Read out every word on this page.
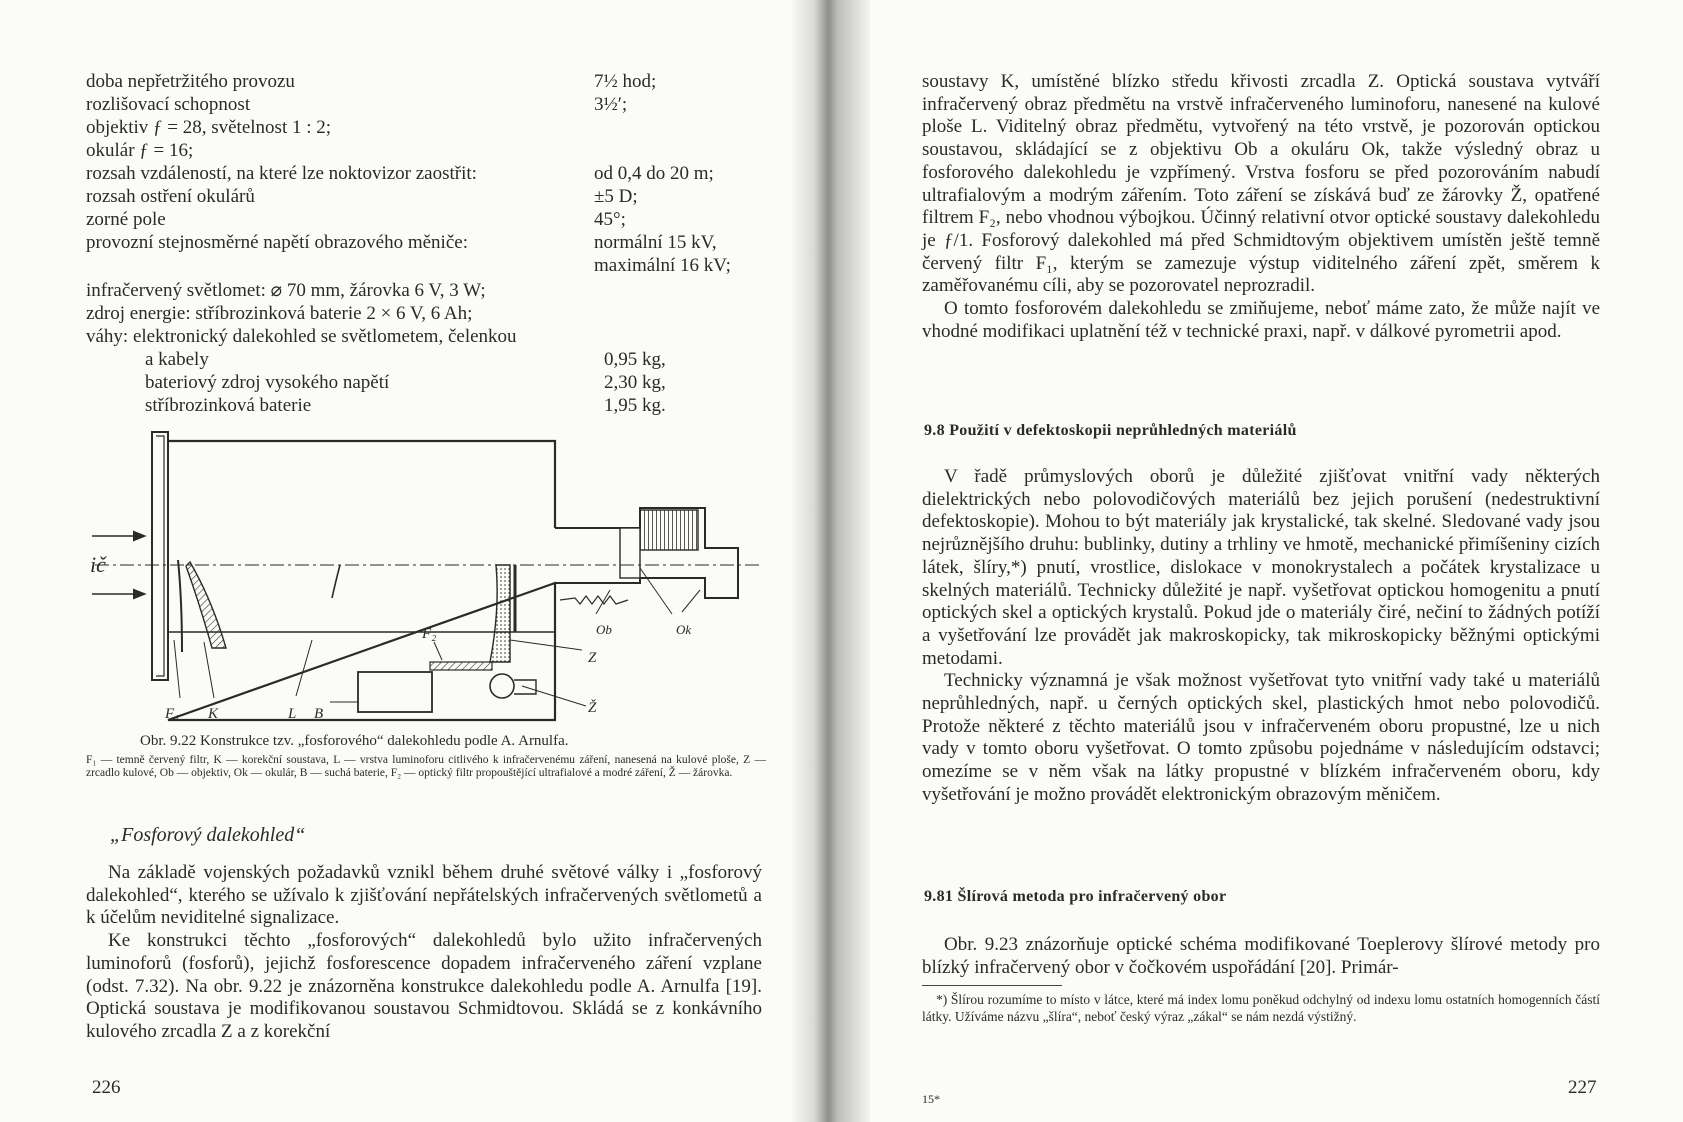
doba nepřetržitého provozu	7½ hod;
rozlišovací schopnost	3½′;
objektiv ƒ = 28, světelnost 1 : 2;
okulár ƒ = 16;
rozsah vzdáleností, na které lze noktovizor zaostřit:	od 0,4 do 20 m;
rozsah ostření okulárů	±5 D;
zorné pole	45°;
provozní stejnosměrné napětí obrazového měniče:	normální 15 kV,
maximální 16 kV;
infračervený světlomet: ⌀ 70 mm, žárovka 6 V, 3 W;
zdroj energie: stříbrozinková baterie 2 × 6 V, 6 Ah;
váhy: elektronický dalekohled se světlometem, čelenkou
a kabely	0,95 kg,
bateriový zdroj vysokého napětí	2,30 kg,
stříbrozinková baterie	1,95 kg.
ič
F₁ K	L B
F₂	Ob	Ok
Z
Ž
Obr. 9.22 Konstrukce tzv. „fosforového“ dalekohledu podle A. Arnulfa.
F₁ — temně červený filtr, K — korekční soustava, L — vrstva luminoforu citlivého k infračervenému záření, nanesená na kulové ploše, Z — zrcadlo kulové, Ob — objektiv, Ok — okulár, B — suchá baterie, F₂ — optický filtr propouštějící ultrafialové a modré záření, Ž — žárovka.
„Fosforový dalekohled“

Na základě vojenských požadavků vznikl během druhé světové války i „fosforový dalekohled“, kterého se užívalo k zjišťování nepřátelských infračervených světlometů a k účelům neviditelné signalizace.

Ke konstrukci těchto „fosforových“ dalekohledů bylo užito infračervených luminoforů (fosforů), jejichž fosforescence dopadem infračerveného záření vzplane (odst. 7.32). Na obr. 9.22 je znázorněna konstrukce dalekohledu podle A. Arnulfa [19]. Optická soustava je modifikovanou soustavou Schmidtovou. Skládá se z konkávního kulového zrcadla Z a z korekční

226

soustavy K, umístěné blízko středu křivosti zrcadla Z. Optická soustava vytváří infračervený obraz předmětu na vrstvě infračerveného luminoforu, nanesené na kulové ploše L. Viditelný obraz předmětu, vytvořený na této vrstvě, je pozorován optickou soustavou, skládající se z objektivu Ob a okuláru Ok, takže výsledný obraz u fosforového dalekohledu je vzpřímený. Vrstva fosforu se před pozorováním nabudí ultrafialovým a modrým zářením. Toto záření se získává buď ze žárovky Ž, opatřené filtrem F₂, nebo vhodnou výbojkou. Účinný relativní otvor optické soustavy dalekohledu je ƒ/1. Fosforový dalekohled má před Schmidtovým objektivem umístěn ještě temně červený filtr F₁, kterým se zamezuje výstup viditelného záření zpět, směrem k zaměřovanému cíli, aby se pozorovatel neprozradil.

O tomto fosforovém dalekohledu se zmiňujeme, neboť máme zato, že může najít ve vhodné modifikaci uplatnění též v technické praxi, např. v dálkové pyrometrii apod.

9.8 Použití v defektoskopii neprůhledných materiálů

V řadě průmyslových oborů je důležité zjišťovat vnitřní vady některých dielektrických nebo polovodičových materiálů bez jejich porušení (nedestruktivní defektoskopie). Mohou to být materiály jak krystalické, tak skelné. Sledované vady jsou nejrůznějšího druhu: bublinky, dutiny a trhliny ve hmotě, mechanické přimíšeniny cizích látek, šlíry,*) pnutí, vrostlice, dislokace v monokrystalech a počátek krystalizace u skelných materiálů. Technicky důležité je např. vyšetřovat optickou homogenitu a pnutí optických skel a optických krystalů. Pokud jde o materiály čiré, nečiní to žádných potíží a vyšetřování lze provádět jak makroskopicky, tak mikroskopicky běžnými optickými metodami.

Technicky významná je však možnost vyšetřovat tyto vnitřní vady také u materiálů neprůhledných, např. u černých optických skel, plastických hmot nebo polovodičů. Protože některé z těchto materiálů jsou v infračerveném oboru propustné, lze u nich vady v tomto oboru vyšetřovat. O tomto způsobu pojednáme v následujícím odstavci; omezíme se v něm však na látky propustné v blízkém infračerveném oboru, kdy vyšetřování je možno provádět elektronickým obrazovým měničem.

9.81 Šlírová metoda pro infračervený obor

Obr. 9.23 znázorňuje optické schéma modifikované Toeplerovy šlírové metody pro blízký infračervený obor v čočkovém uspořádání [20]. Primár-

*) Šlírou rozumíme to místo v látce, které má index lomu poněkud odchylný od indexu lomu ostatních homogenních částí látky. Užíváme názvu „šlíra“, neboť český výraz „zákal“ se nám nezdá výstižný.

15*
227
